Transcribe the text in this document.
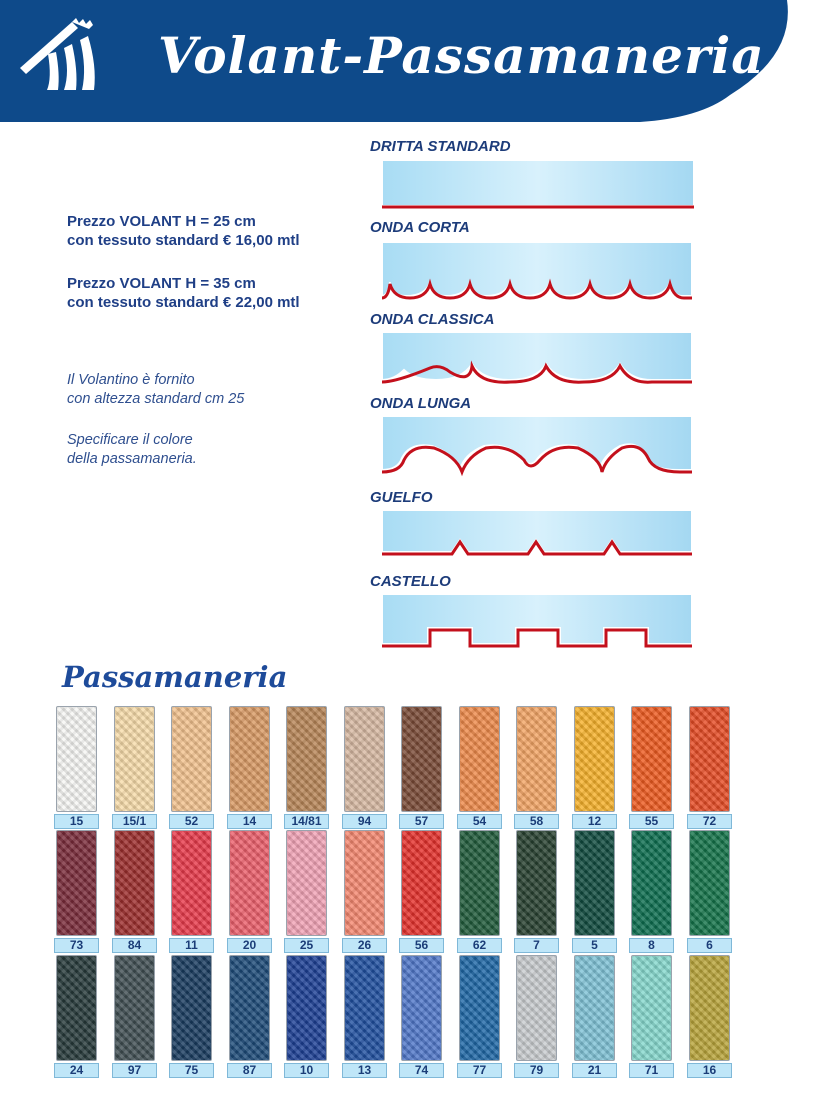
Volant-Passamaneria
Prezzo VOLANT H = 25 cm
con tessuto standard € 16,00 mtl
Prezzo VOLANT H = 35 cm
con tessuto standard € 22,00 mtl
Il Volantino è fornito
con altezza standard cm 25
Specificare il colore
della passamaneria.
DRITTA STANDARD
ONDA CORTA
ONDA CLASSICA
ONDA LUNGA
GUELFO
CASTELLO
Passamaneria
15	15/1	52	14	14/81	94	57	54	58	12	55	72
73	84	11	20	25	26	56	62	7	5	8	6
24	97	75	87	10	13	74	77	79	21	71	16
